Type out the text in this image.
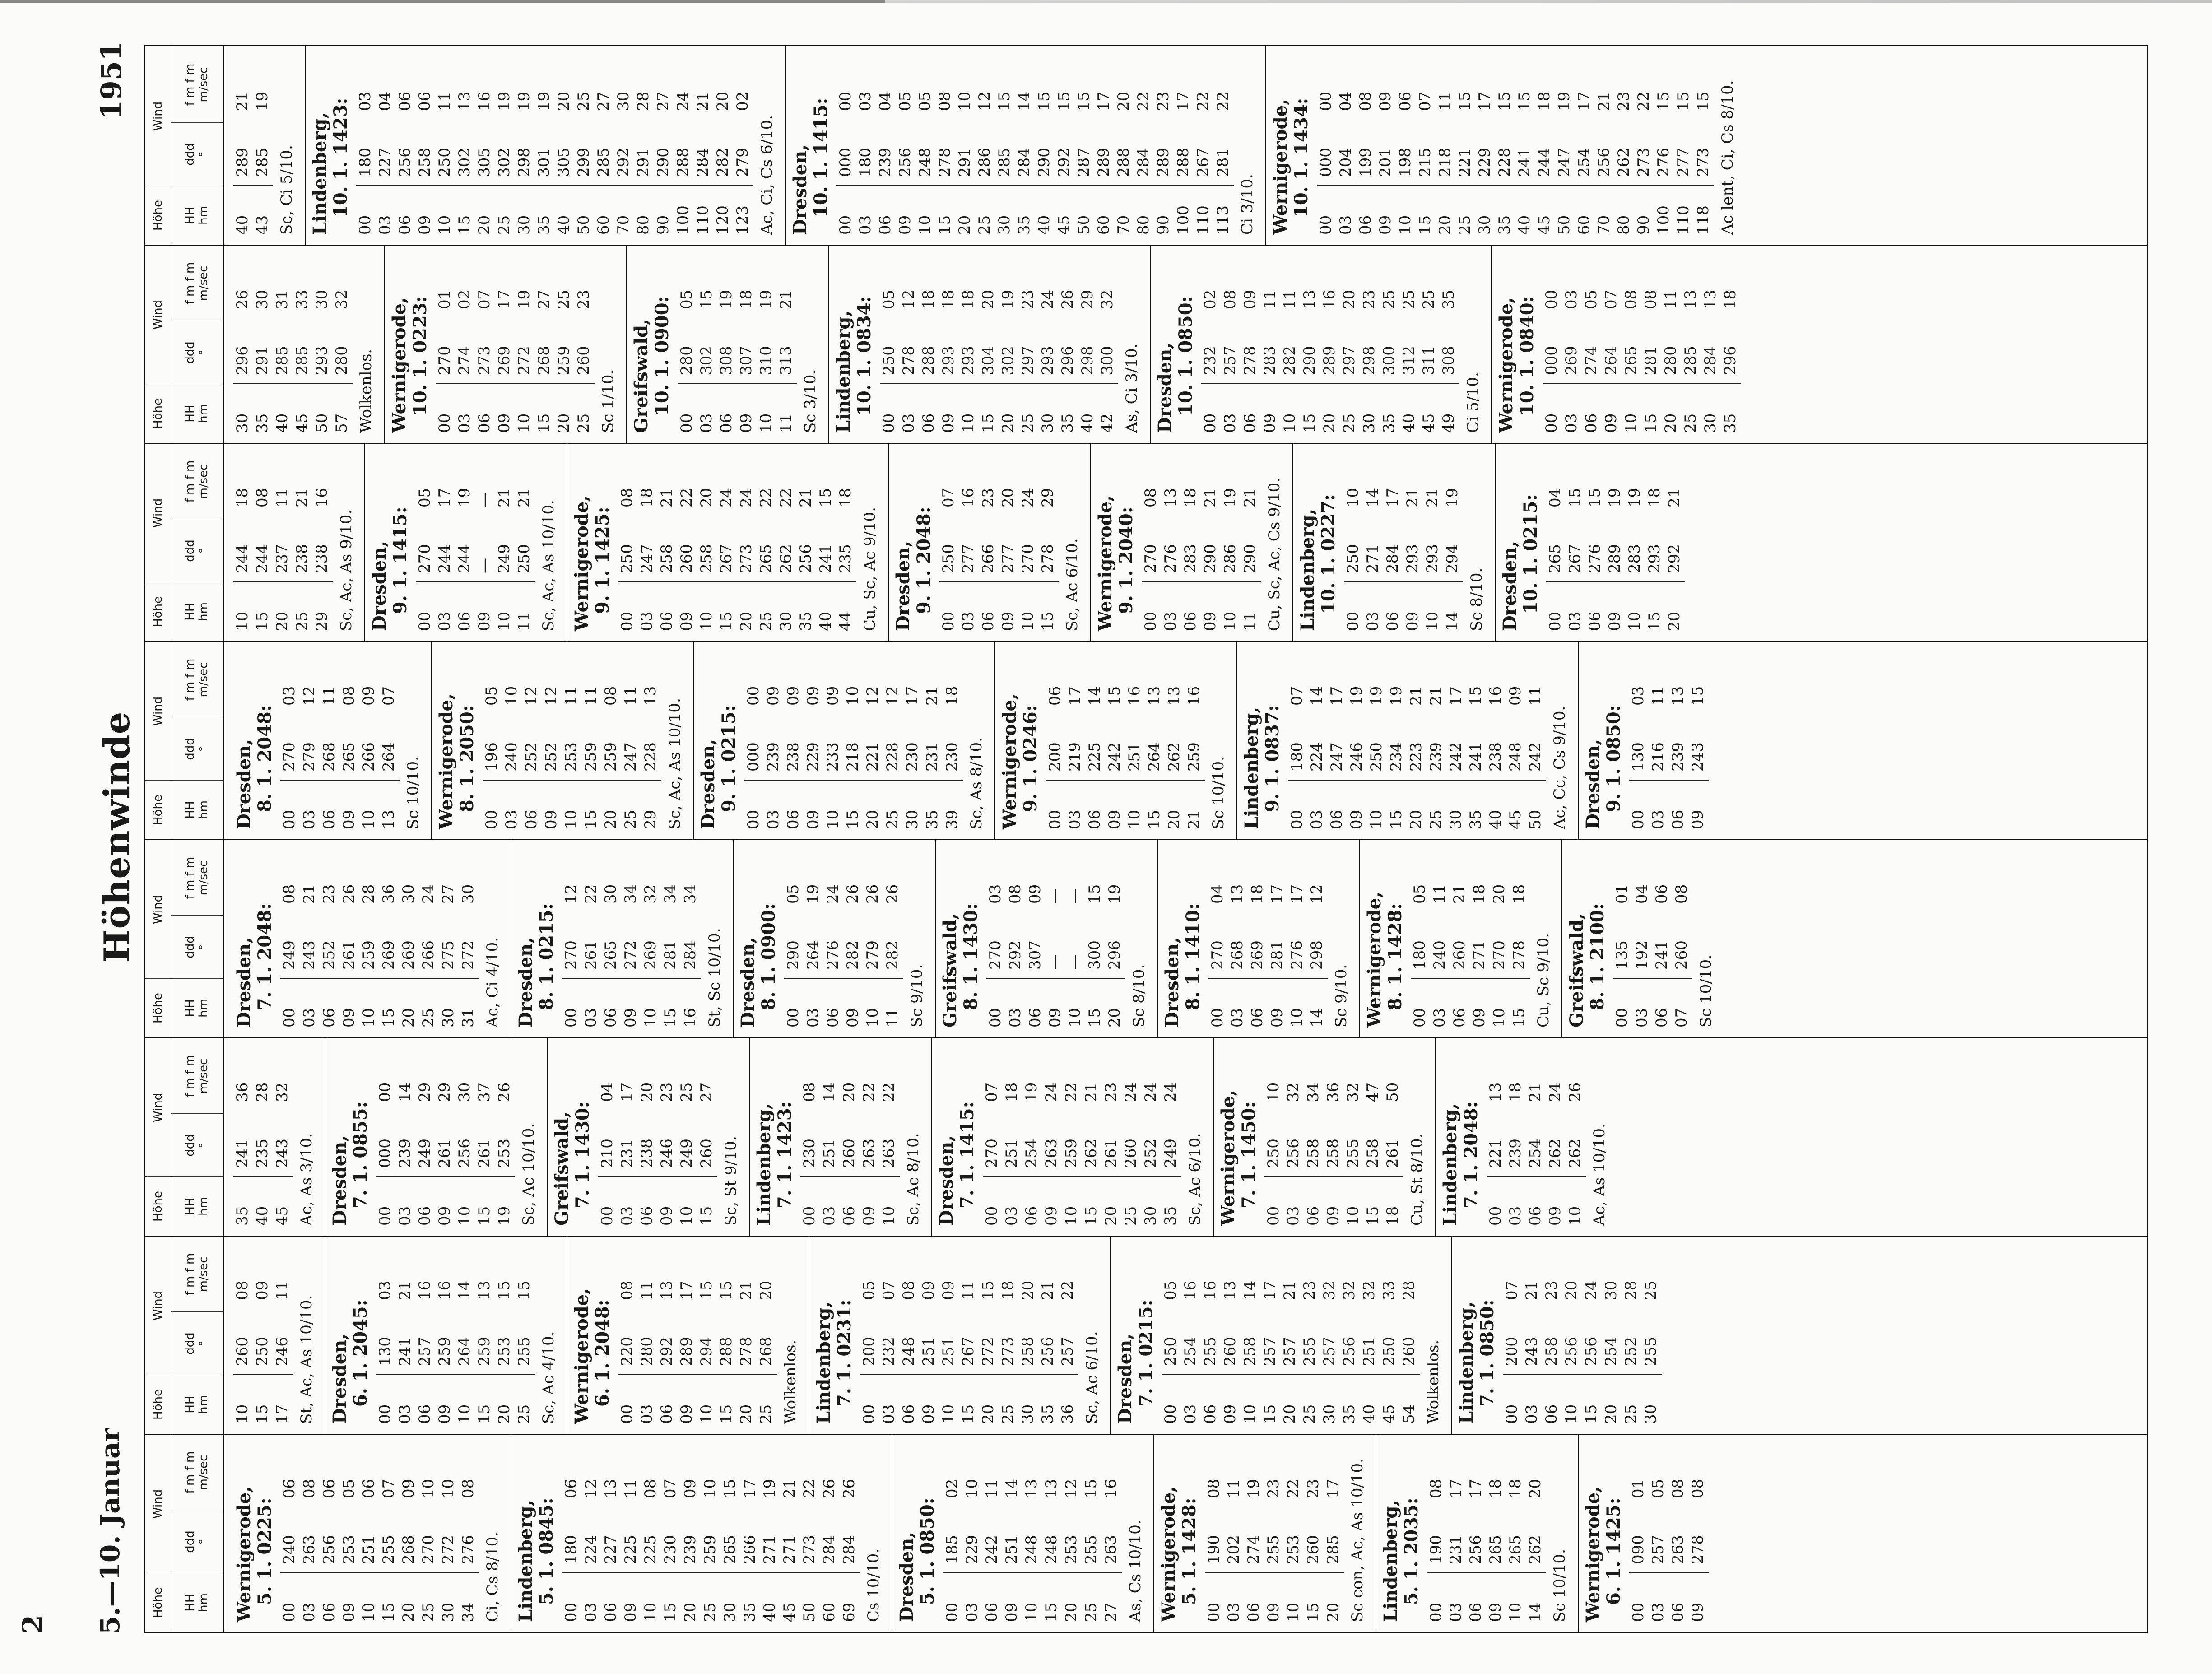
2 5.—10. Januar
Höhenwinde
1951
Höhe
Wind
HH hm
ddd °
f m f m m/sec
Wernigerode, 5. 1. 0225:
00
240
06
03
263
08
06
256
06
09
253
05
10
251
06
15
255
07
20
268
09
25
270
10
30
272
10
34
276
08
Ci, Cs 8/10. Lindenberg, 5. 1. 0845:
00
180
06
03
224
12
06
227
13
09
225
11
10
225
08
15
230
07
20
239
09
25
259
10
30
265
15
35
266
17
40
271
19
45
271
21
50
273
22
60
284
26
69
284
26
Cs 10/10. Dresden, 5. 1. 0850:
00
185
02
03
229
10
06
242
11
09
251
14
10
248
13
15
248
13
20
253
12
25
255
15
27
263
16
As, Cs 10/10. Wernigerode, 5. 1. 1428:
00
190
08
03
202
11
06
274
19
09
255
23
10
253
22
15
260
23
20
285
17 Sc con, Ac, As 10/10. Lindenberg, 5. 1. 2035:
00
190
08
03
231
17
06
256
17
09
265
18
10
265
18
14
262
20
Sc 10/10. Wernigerode, 6. 1. 1425:
00
090
01
03
257
05
06
263
08
09
278
08
Höhe
Wind
HH hm
ddd °
f m f m m/sec
10
260
08
15
250
09
17
246
11
St, Ac, As 10/10. Dresden, 6. 1. 2045:
00
130
03
03
241
21
06
257
16
09
259
16
10
264
14
15
259
13
20
253
15
25
255
15
Sc, Ac 4/10. Wernigerode, 6. 1. 2048:
00
220
08
03
280
11
06
292
13
09
289
17
10
294
15
15
288
15
20
278
21
25
268
20
Wolkenlos. Lindenberg, 7. 1. 0231:
00
200
05
03
232
07
06
248
08
09
251
09
10
251
09
15
267
11
20
272
15
25
273
18
30
258
20
35
256
21
36
257
22
Sc, Ac 6/10. Dresden, 7. 1. 0215:
00
250
05
03
254
16
06
255
16
09
260
13
10
258
14
15
257
17
20
257
21
25
255
23
30
257
32
35
256
32
40
251
32
45
250
33
54
260
28
Wolkenlos. Lindenberg, 7. 1. 0850:
00
200
07
03
243
21
06
258
23
10
256
20
15
256
24
20
254
30
25
252
28
30
255
25
Höhe
Wind
HH hm
ddd °
f m f m m/sec
35
241
36
40
235
28
45
243
32
Ac, As 3/10. Dresden, 7. 1. 0855:
00
000
00
03
239
14
06
249
29
09
261
29
10
256
30
15
261
37
19
253
26
Sc, Ac 10/10. Greifswald, 7. 1. 1430:
00
210
04
03
231
17
06
238
20
09
246
23
10
249
25
15
260
27
Sc, St 9/10. Lindenberg, 7. 1. 1423:
00
230
08
03
251
14
06
260
20
09
263
22
10
263
22
Sc, Ac 8/10. Dresden, 7. 1. 1415:
00
270
07
03
251
18
06
254
19
09
263
24
10
259
22
15
262
21
20
261
23
25
260
24
30
252
24
35
249
24
Sc, Ac 6/10. Wernigerode, 7. 1. 1450:
00
250
10
03
256
32
06
258
34
09
258
36
10
255
32
15
258
47
18
261
50
Cu, St 8/10. Lindenberg, 7. 1. 2048:
00
221
13
03
239
18
06
254
21
09
262
24
10
262
26
Ac, As 10/10.
Höhe
Wind
HH hm
ddd °
f m f m m/sec
Dresden, 7. 1. 2048:
00
249
08
03
243
21
06
252
23
09
261
26
10
259
28
15
269
36
20
269
30
25
266
24
30
275
27
31
272
30
Ac, Ci 4/10. Dresden, 8. 1. 0215:
00
270
12
03
261
22
06
265
30
09
272
34
10
269
32
15
281
34
16
284
34
St, Sc 10/10. Dresden, 8. 1. 0900:
00
290
05
03
264
19
06
276
24
09
282
26
10
279
26
11
282
26
Sc 9/10. Greifswald, 8. 1. 1430:
00
270
03
03
292
08
06
307
09
09
—
—
10
—
—
15
300
15
20
296
19
Sc 8/10. Dresden, 8. 1. 1410:
00
270
04
03
268
13
06
269
18
09
281
17
10
276
17
14
298
12
Sc 9/10. Wernigerode, 8. 1. 1428:
00
180
05
03
240
11
06
260
21
09
271
18
10
270
20
15
278
18
Cu, Sc 9/10. Greifswald, 8. 1. 2100:
00
135
01
03
192
04
06
241
06
07
260
08
Sc 10/10.
Höhe
Wind
HH hm
ddd °
f m f m m/sec
Dresden, 8. 1. 2048:
00
270
03
03
279
12
06
268
11
09
265
08
10
266
09
13
264
07
Sc 10/10. Wernigerode, 8. 1. 2050:
00
196
05
03
240
10
06
252
12
09
252
12
10
253
11
15
259
11
20
259
08
25
247
11
29
228
13
Sc, Ac, As 10/10. Dresden, 9. 1. 0215:
00
000
00
03
239
09
06
238
09
09
229
09
10
233
09
15
218
10
20
221
12
25
228
12
30
230
17
35
231
21
39
230
18
Sc, As 8/10. Wernigerode, 9. 1. 0246:
00
200
06
03
219
17
06
225
14
09
242
15
10
251
16
15
264
13
20
262
13
21
259
16
Sc 10/10. Lindenberg, 9. 1. 0837:
00
180
07
03
224
14
06
247
17
09
246
19
10
250
19
15
234
19
20
223
21
25
239
21
30
242
17
35
241
15
40
238
16
45
248
09
50
242
11
Ac, Cc, Cs 9/10. Dresden, 9. 1. 0850:
00
130
03
03
216
11
06
239
13
09
243
15
Höhe
Wind
HH hm
ddd °
f m f m m/sec
10
244
18
15
244
08
20
237
11
25
238
21
29
238
16
Sc, Ac, As 9/10. Dresden, 9. 1. 1415:
00
270
05
03
244
17
06
244
19
09
—
—
10
249
21
11
250
21
Sc, Ac, As 10/10. Wernigerode, 9. 1. 1425:
00
250
08
03
247
18
06
258
21
09
260
22
10
258
20
15
267
24
20
273
24
25
265
22
30
262
22
35
256
21
40
241
15
44
235
18
Cu, Sc, Ac 9/10. Dresden, 9. 1. 2048:
00
250
07
03
277
16
06
266
23
09
277
20
10
270
24
15
278
29
Sc, Ac 6/10. Wernigerode, 9. 1. 2040:
00
270
08
03
276
13
06
283
18
09
290
21
10
286
19
11
290
21 Cu, Sc, Ac, Cs 9/10. Lindenberg, 10. 1. 0227:
00
250
10
03
271
14
06
284
17
09
293
21
10
293
21
14
294
19
Sc 8/10. Dresden, 10. 1. 0215:
00
265
04
03
267
15
06
276
15
09
289
19
10
283
19
15
293
18
20
292
21
Höhe
Wind
HH hm
ddd °
f m f m m/sec
30
296
26
35
291
30
40
285
31
45
285
33
50
293
30
57
280
32
Wolkenlos. Wernigerode, 10. 1. 0223:
00
270
01
03
274
02
06
273
07
09
269
17
10
272
19
15
268
27
20
259
25
25
260
23
Sc 1/10. Greifswald, 10. 1. 0900:
00
280
05
03
302
15
06
308
19
09
307
18
10
310
19
11
313
21
Sc 3/10. Lindenberg, 10. 1. 0834:
00
250
05
03
278
12
06
288
18
09
293
18
10
293
18
15
304
20
20
302
19
25
297
23
30
293
24
35
296
26
40
298
29
42
300
32
As, Ci 3/10. Dresden, 10. 1. 0850:
00
232
02
03
257
08
06
278
09
09
283
11
10
282
11
15
290
13
20
289
16
25
297
20
30
298
23
35
300
25
40
312
25
45
311
25
49
308
35
Ci 5/10. Wernigerode, 10. 1. 0840:
00
000
00
03
269
03
06
274
05
09
264
07
10
265
08
15
281
08
20
280
11
25
285
13
30
284
13
35
296
18
Höhe
Wind
HH hm
ddd °
f m f m m/sec
40
289
21
43
285
19
Sc, Ci 5/10. Lindenberg, 10. 1. 1423:
00
180
03
03
227
04
06
256
06
09
258
06
10
250
11
15
302
13
20
305
16
25
302
19
30
298
19
35
301
19
40
305
20
50
299
25
60
285
27
70
292
30
80
291
28
90
290
27
100
288
24
110
284
21
120
282
20
123
279
02
Ac, Ci, Cs 6/10. Dresden, 10. 1. 1415:
00
000
00
03
180
03
06
239
04
09
256
05
10
248
05
15
278
08
20
291
10
25
286
12
30
285
15
35
284
14
40
290
15
45
292
15
50
287
15
60
289
17
70
288
20
80
284
22
90
289
23
100
288
17
110
267
22
113
281
22
Ci 3/10. Wernigerode, 10. 1. 1434:
00
000
00
03
204
04
06
199
08
09
201
09
10
198
06
15
215
07
20
218
11
25
221
15
30
229
17
35
228
15
40
241
15
45
244
18
50
247
19
60
254
17
70
256
21
80
262
23
90
273
22
100
276
15
110
277
15
118
273
15 Ac lent, Ci, Cs 8/10.
